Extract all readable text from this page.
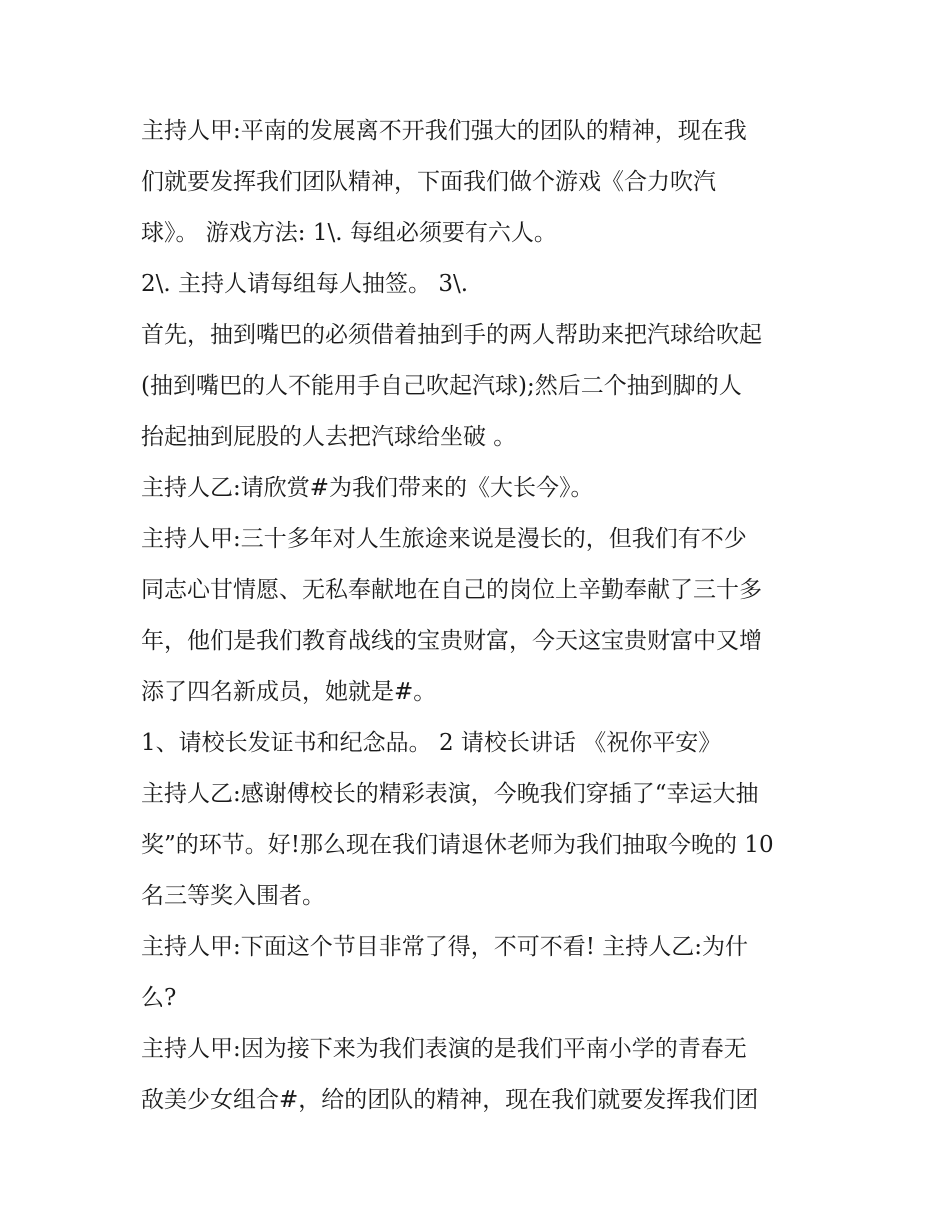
主持人甲:平南的发展离不开我们强大的团队的精神，现在我
们就要发挥我们团队精神，下面我们做个游戏《合力吹汽
球》。 游戏方法: 1\. 每组必须要有六人。
2\. 主持人请每组每人抽签。 3\.
首先，抽到嘴巴的必须借着抽到手的两人帮助来把汽球给吹起
(抽到嘴巴的人不能用手自己吹起汽球);然后二个抽到脚的人
抬起抽到屁股的人去把汽球给坐破 。
主持人乙:请欣赏#为我们带来的《大长今》。
主持人甲:三十多年对人生旅途来说是漫长的，但我们有不少
同志心甘情愿、无私奉献地在自己的岗位上辛勤奉献了三十多
年，他们是我们教育战线的宝贵财富，今天这宝贵财富中又增
添了四名新成员，她就是#。
1、请校长发证书和纪念品。 2 请校长讲话 《祝你平安》
主持人乙:感谢傅校长的精彩表演，今晚我们穿插了“幸运大抽
奖”的环节。好!那么现在我们请退休老师为我们抽取今晚的 10
名三等奖入围者。
主持人甲:下面这个节目非常了得，不可不看! 主持人乙:为什
么?
主持人甲:因为接下来为我们表演的是我们平南小学的青春无
敌美少女组合#，给的团队的精神，现在我们就要发挥我们团
